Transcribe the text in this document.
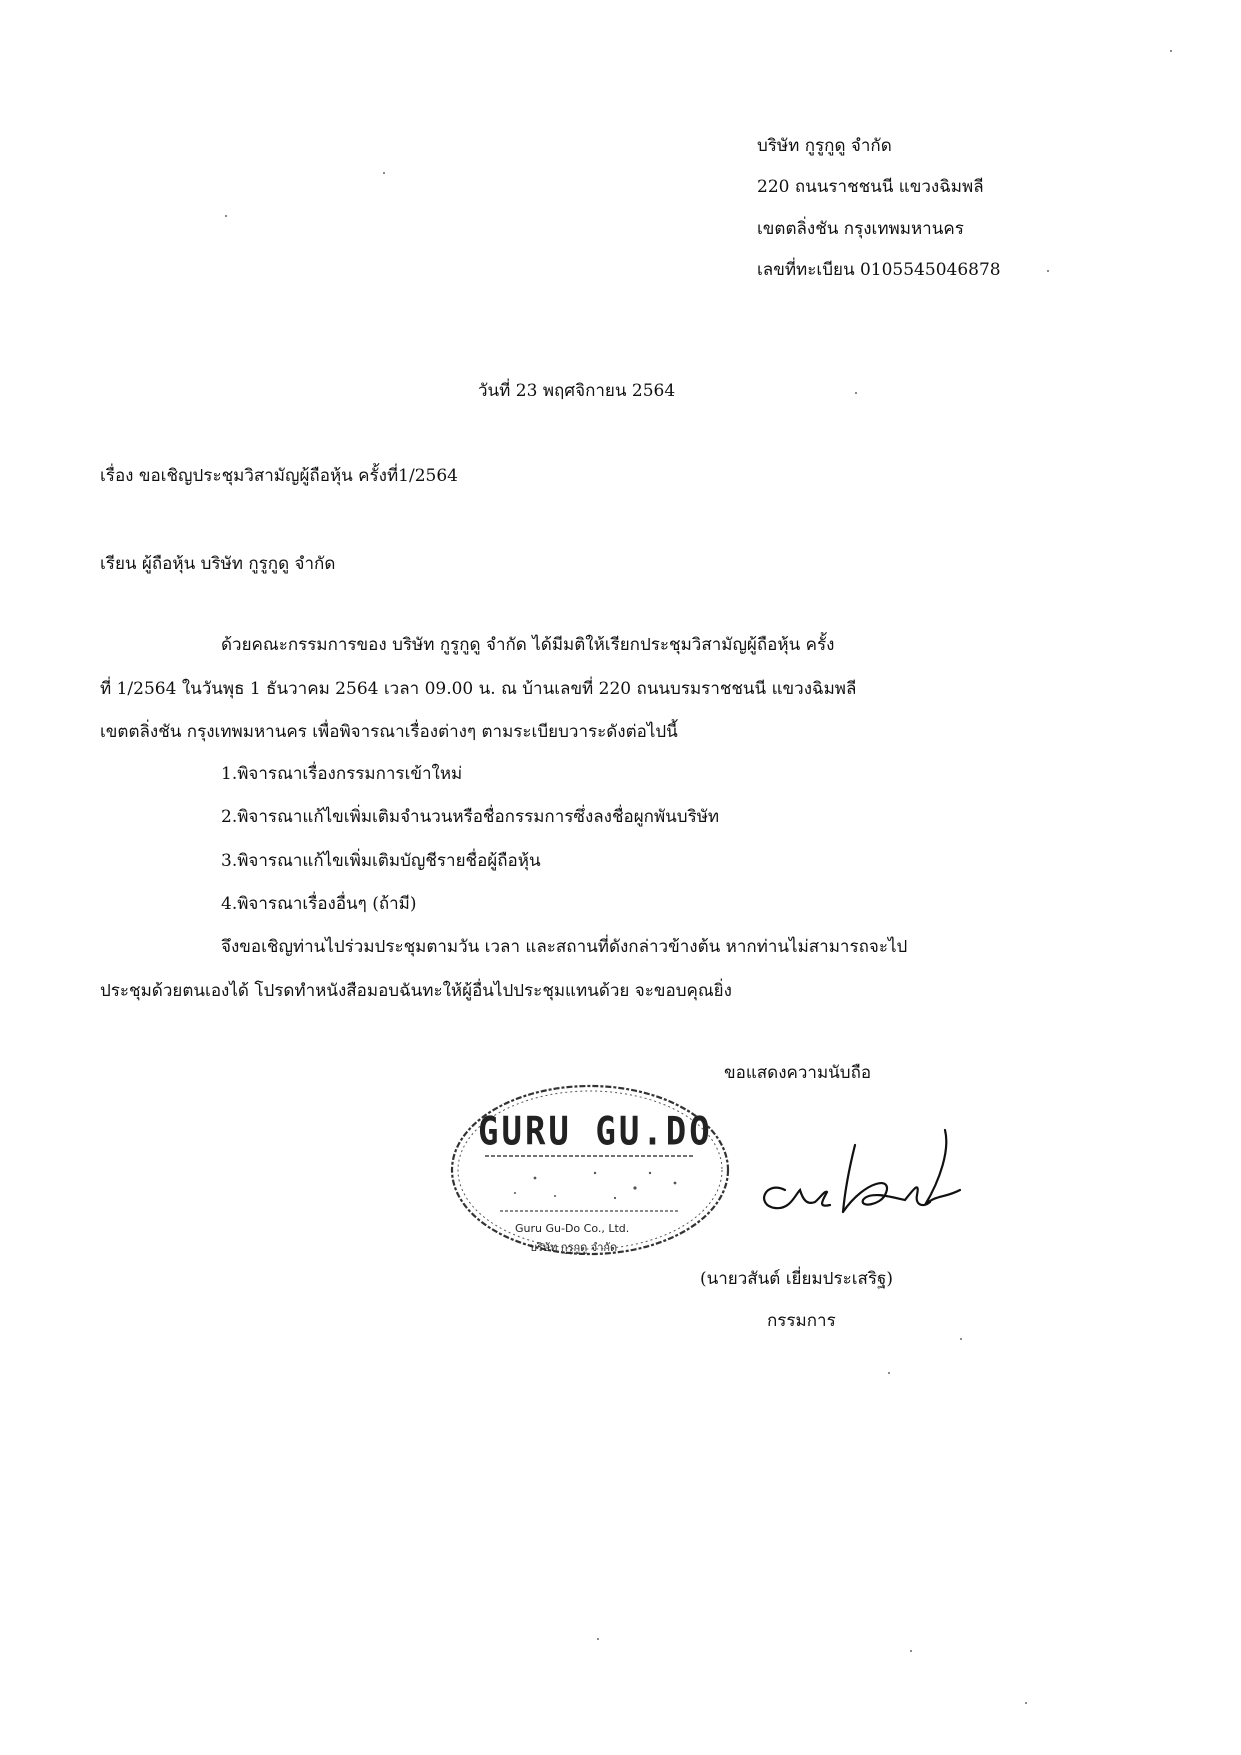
บริษัท กูรูกูดู จำกัด
220 ถนนราชชนนี แขวงฉิมพลี
เขตตลิ่งชัน กรุงเทพมหานคร
เลขที่ทะเบียน 0105545046878
วันที่ 23 พฤศจิกายน 2564
เรื่อง ขอเชิญประชุมวิสามัญผู้ถือหุ้น ครั้งที่1/2564
เรียน ผู้ถือหุ้น บริษัท กูรูกูดู จำกัด
ด้วยคณะกรรมการของ บริษัท กูรูกูดู จำกัด ได้มีมติให้เรียกประชุมวิสามัญผู้ถือหุ้น ครั้ง
ที่ 1/2564 ในวันพุธ 1 ธันวาคม 2564 เวลา 09.00 น. ณ บ้านเลขที่ 220 ถนนบรมราชชนนี แขวงฉิมพลี
เขตตลิ่งชัน กรุงเทพมหานคร เพื่อพิจารณาเรื่องต่างๆ ตามระเบียบวาระดังต่อไปนี้
1.พิจารณาเรื่องกรรมการเข้าใหม่
2.พิจารณาแก้ไขเพิ่มเติมจำนวนหรือชื่อกรรมการซึ่งลงชื่อผูกพันบริษัท
3.พิจารณาแก้ไขเพิ่มเติมบัญชีรายชื่อผู้ถือหุ้น
4.พิจารณาเรื่องอื่นๆ (ถ้ามี)
จึงขอเชิญท่านไปร่วมประชุมตามวัน เวลา และสถานที่ดังกล่าวข้างต้น หากท่านไม่สามารถจะไป
ประชุมด้วยตนเองได้ โปรดทำหนังสือมอบฉันทะให้ผู้อื่นไปประชุมแทนด้วย จะขอบคุณยิ่ง
ขอแสดงความนับถือ
GURU GU.DO
Guru Gu-Do Co., Ltd.
บริษัท กูรูกูดู จำกัด
(นายวสันต์ เยี่ยมประเสริฐ)
กรรมการ
